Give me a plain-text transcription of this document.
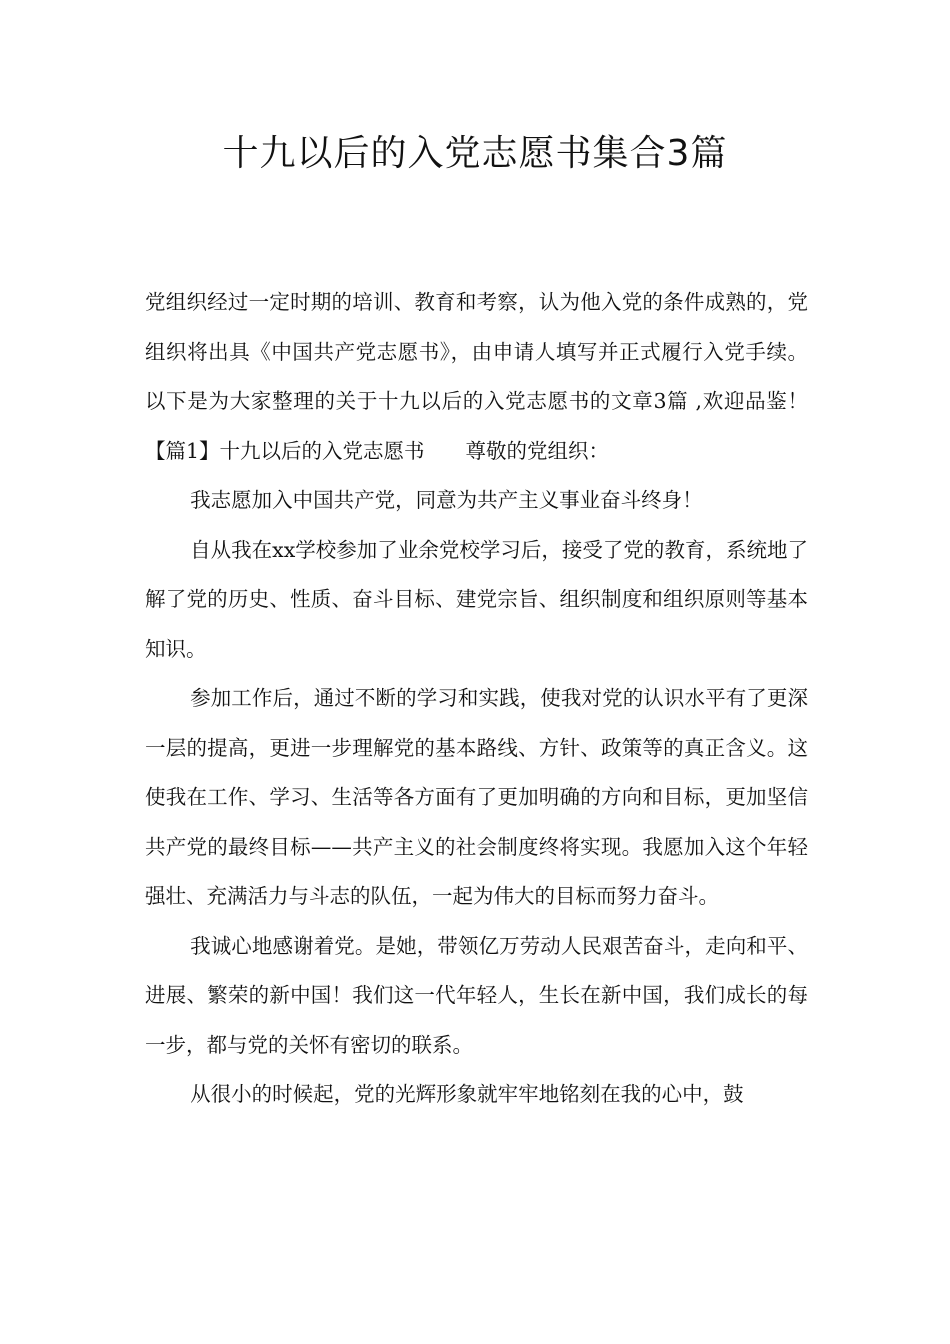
十九以后的入党志愿书集合3篇

党组织经过一定时期的培训、教育和考察，认为他入党的条件成熟的，党组织将出具《中国共产党志愿书》，由申请人填写并正式履行入党手续。 以下是为大家整理的关于十九以后的入党志愿书的文章3篇 ,欢迎品鉴！【篇1】十九以后的入党志愿书　　尊敬的党组织：

我志愿加入中国共产党，同意为共产主义事业奋斗终身！

自从我在xx学校参加了业余党校学习后，接受了党的教育，系统地了解了党的历史、性质、奋斗目标、建党宗旨、组织制度和组织原则等基本知识。

参加工作后，通过不断的学习和实践，使我对党的认识水平有了更深一层的提高，更进一步理解党的基本路线、方针、政策等的真正含义。这使我在工作、学习、生活等各方面有了更加明确的方向和目标，更加坚信共产党的最终目标——共产主义的社会制度终将实现。我愿加入这个年轻强壮、充满活力与斗志的队伍，一起为伟大的目标而努力奋斗。

我诚心地感谢着党。是她，带领亿万劳动人民艰苦奋斗，走向和平、进展、繁荣的新中国！我们这一代年轻人，生长在新中国，我们成长的每一步，都与党的关怀有密切的联系。

从很小的时候起，党的光辉形象就牢牢地铭刻在我的心中，鼓
